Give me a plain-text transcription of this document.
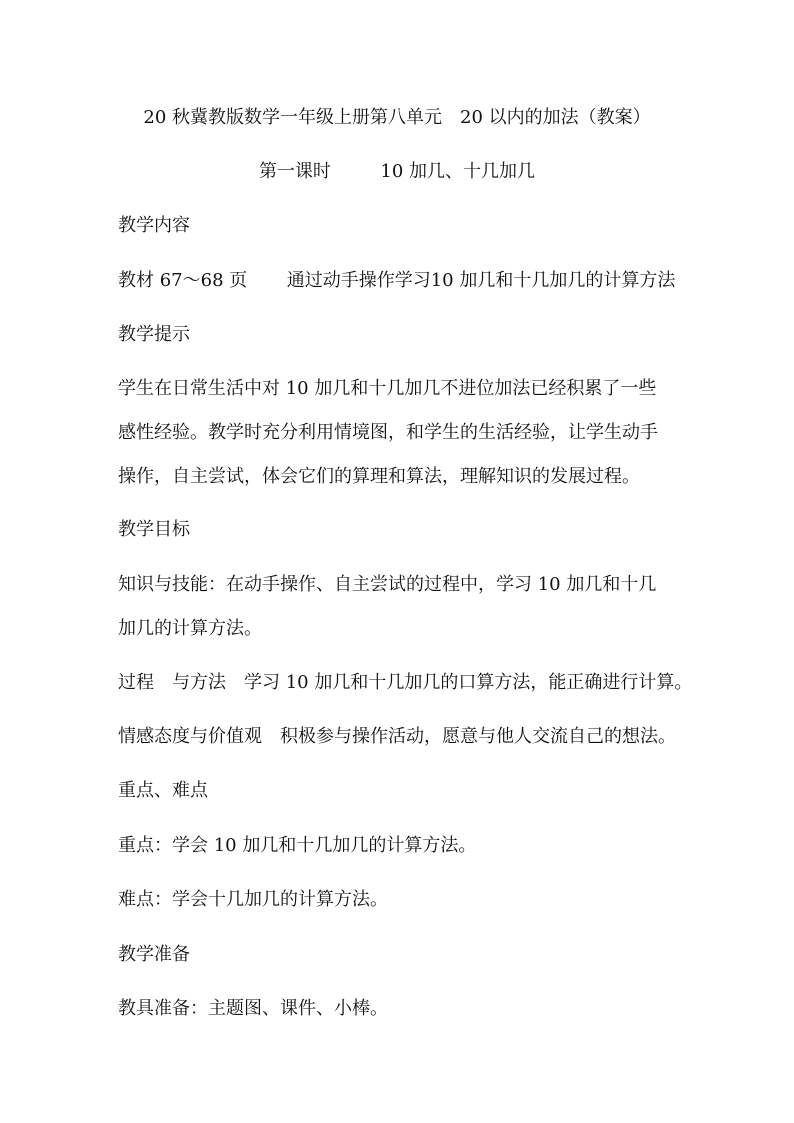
20 秋冀教版数学一年级上册第八单元　20 以内的加法（教案）
第一课时	10 加几、十几加几
教学内容
教材 67～68 页 通过动手操作学习10 加几和十几加几的计算方法
教学提示
学生在日常生活中对 10 加几和十几加几不进位加法已经积累了一些
感性经验。教学时充分利用情境图，和学生的生活经验，让学生动手
操作，自主尝试，体会它们的算理和算法，理解知识的发展过程。
教学目标
知识与技能：在动手操作、自主尝试的过程中，学习 10 加几和十几
加几的计算方法。
过程　与方法　学习 10 加几和十几加几的口算方法，能正确进行计算。
情感态度与价值观　积极参与操作活动，愿意与他人交流自己的想法。
重点、难点
重点：学会 10 加几和十几加几的计算方法。
难点：学会十几加几的计算方法。
教学准备
教具准备：主题图、课件、小棒。
